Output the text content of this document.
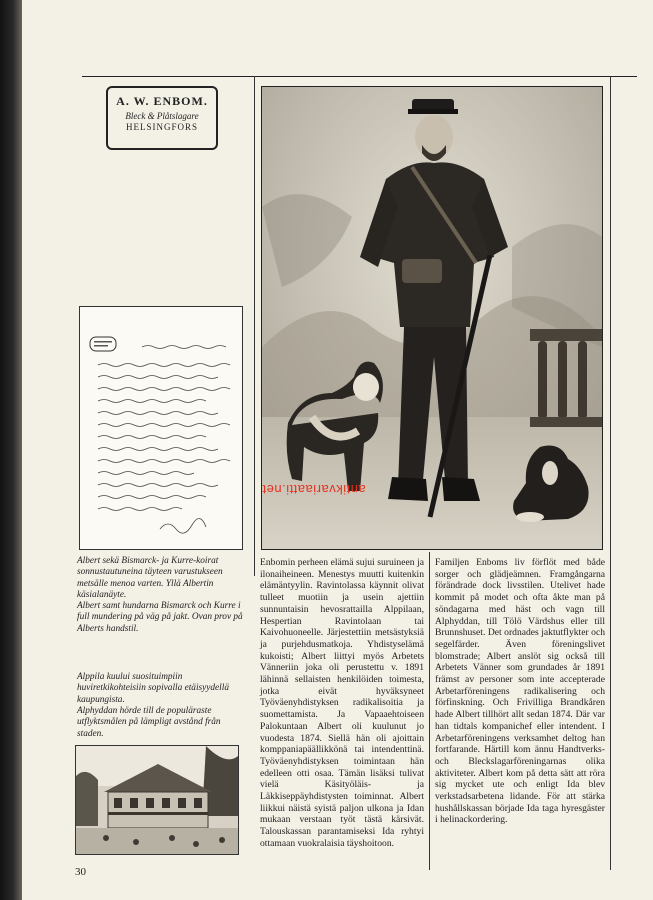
A. W. ENBOM.
Bleck & Plåtslagare
HELSINGFORS

Albert sekä Bismarck- ja Kurre-koirat sonnustautuneina täyteen varustukseen metsälle menoa varten. Yllä Albertin käsialanäyte.

Albert samt hundarna Bismarck och Kurre i full mundering på väg på jakt. Ovan prov på Alberts handstil.

Alppila kuului suosituimpiin huviretkikohteisiin sopivalla etäisyydellä kaupungista.

Alphyddan hörde till de populäraste utflyktsmålen på lämpligt avstånd från staden.

Enbomin perheen elämä sujui suruineen ja ilonaiheineen. Menestys muutti kuitenkin elämäntyylin. Ravintolassa käynnit olivat tulleet muotiin ja usein ajettiin sunnuntaisin hevosrattailla Alppilaan, Hespertian Ravintolaan tai Kaivohuoneelle. Järjestettiin metsästyksiä ja purjehdusmatkoja. Yhdistyselämä kukoisti; Albert liittyi myös Arbetets Vänneriin joka oli perustettu v. 1891 lähinnä sellaisten henkilöiden toimesta, jotka eivät hyväksyneet Työväenyhdistyksen radikalisoitia ja suomettamista. Ja Vapaaehtoiseen Palokuntaan Albert oli kuulunut jo vuodesta 1874. Siellä hän oli ajoittain komppaniapäällikkönä tai intendenttinä. Työväenyhdistyksen toimintaan hän edelleen otti osaa. Tämän lisäksi tulivat vielä Käsityöläis- ja Läkkiseppäyhdistysten toiminnat. Albert liikkui näistä syistä paljon ulkona ja Idan mukaan verstaan työt tästä kärsivät. Talouskassan parantamiseksi Ida ryhtyi ottamaan vuokralaisia täyshoitoon.

Familjen Enboms liv förflöt med både sorger och glädjeämnen. Framgångarna förändrade dock livsstilen. Utelivet hade kommit på modet och ofta åkte man på söndagarna med häst och vagn till Alphyddan, till Tölö Värdshus eller till Brunnshuset. Det ordnades jaktutflykter och segelfärder. Även föreningslivet blomstrade; Albert anslöt sig också till Arbetets Vänner som grundades år 1891 främst av personer som inte accepterade Arbetarföreningens radikalisering och förfinskning. Och Frivilliga Brandkåren hade Albert tillhört allt sedan 1874. Där var han tidtals kompanichef eller intendent. I Arbetarföreningens verksamhet deltog han fortfarande. Härtill kom ännu Handtverks- och Bleckslagarföreningarnas olika aktiviteter. Albert kom på detta sätt att röra sig mycket ute och enligt Ida blev verkstadsarbetena lidande. För att stärka hushållskassan började Ida taga hyresgäster i helinackordering.

antikvariaatti.net
30
